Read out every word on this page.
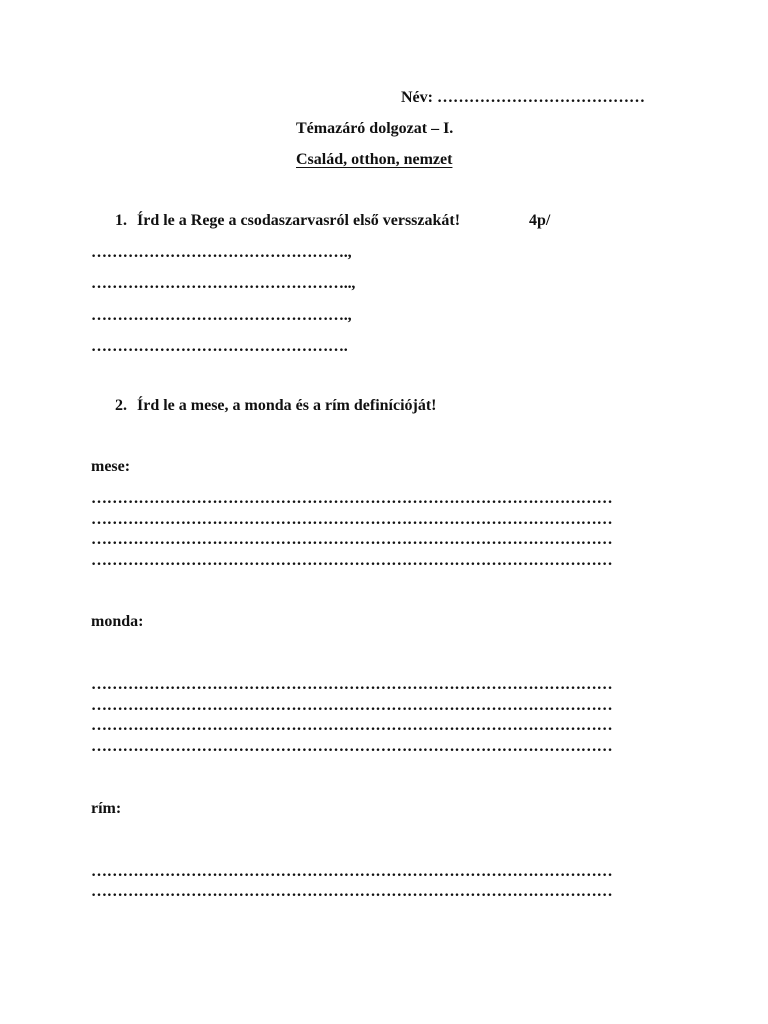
Név: …………………………………
Témazáró dolgozat – I.
Család, otthon, nemzet
1. Írd le a Rege a csodaszarvasról első versszakát!	4p/
………………………………………….,
…………………………………………..,
………………………………………….,
………………………………………….
2. Írd le a mese, a monda és a rím definícióját!
mese:
………………………………………………………………………………………
………………………………………………………………………………………
………………………………………………………………………………………
………………………………………………………………………………………
monda:
………………………………………………………………………………………
………………………………………………………………………………………
………………………………………………………………………………………
………………………………………………………………………………………
rím:
………………………………………………………………………………………
………………………………………………………………………………………
